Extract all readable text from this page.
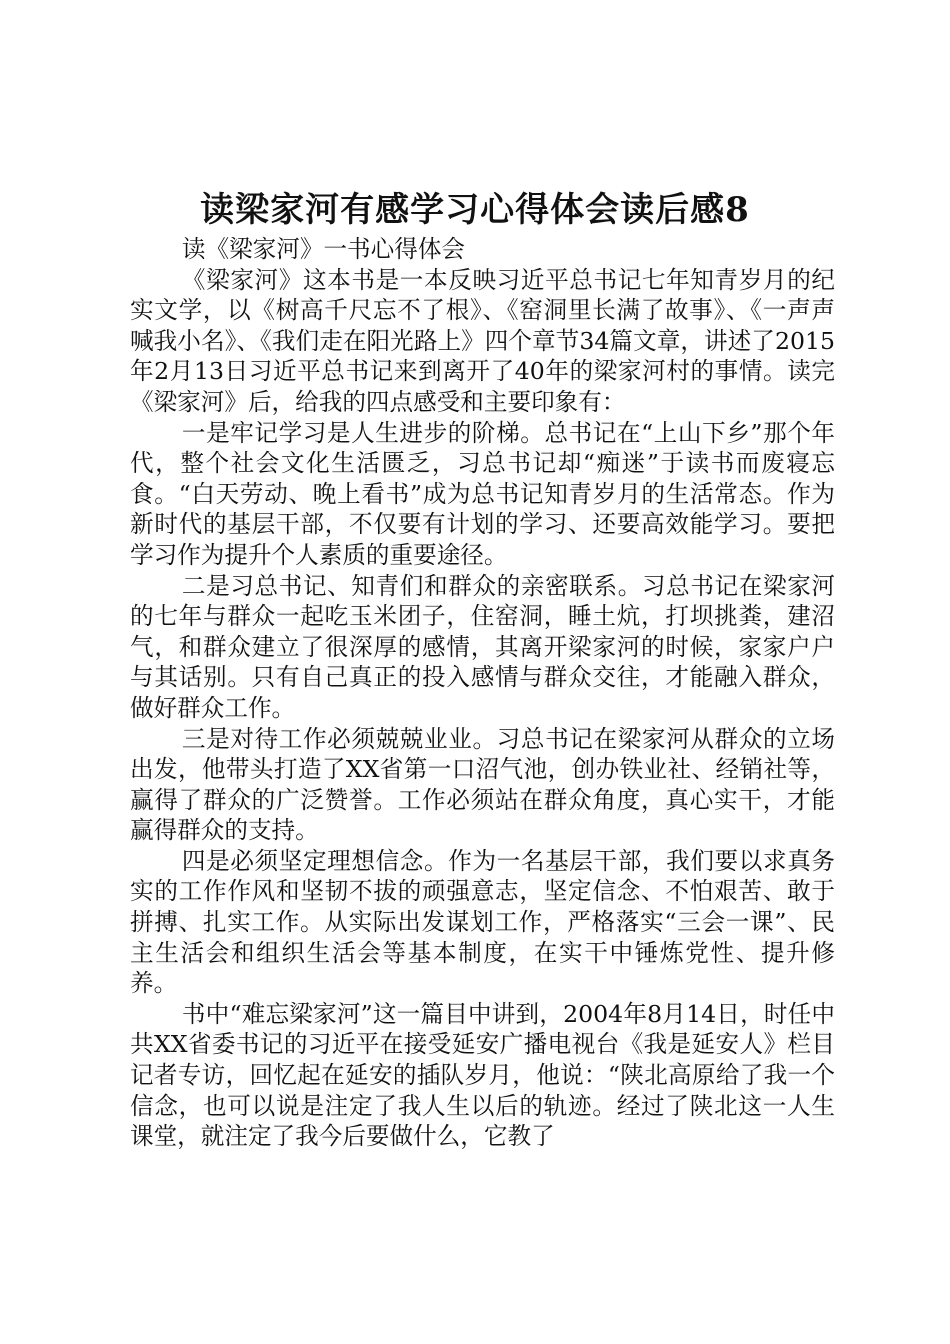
读梁家河有感学习心得体会读后感8

读《梁家河》一书心得体会

《梁家河》这本书是一本反映习近平总书记七年知青岁月的纪实文学，以《树高千尺忘不了根》、《窑洞里长满了故事》、《一声声喊我小名》、《我们走在阳光路上》四个章节34篇文章，讲述了2015年2月13日习近平总书记来到离开了40年的梁家河村的事情。读完《梁家河》后，给我的四点感受和主要印象有：

一是牢记学习是人生进步的阶梯。总书记在“上山下乡”那个年代，整个社会文化生活匮乏，习总书记却“痴迷”于读书而废寝忘食。“白天劳动、晚上看书”成为总书记知青岁月的生活常态。作为新时代的基层干部，不仅要有计划的学习、还要高效能学习。要把学习作为提升个人素质的重要途径。

二是习总书记、知青们和群众的亲密联系。习总书记在梁家河的七年与群众一起吃玉米团子，住窑洞，睡土炕，打坝挑粪，建沼气，和群众建立了很深厚的感情，其离开梁家河的时候，家家户户与其话别。只有自己真正的投入感情与群众交往，才能融入群众，做好群众工作。

三是对待工作必须兢兢业业。习总书记在梁家河从群众的立场出发，他带头打造了XX省第一口沼气池，创办铁业社、经销社等，赢得了群众的广泛赞誉。工作必须站在群众角度，真心实干，才能赢得群众的支持。

四是必须坚定理想信念。作为一名基层干部，我们要以求真务实的工作作风和坚韧不拔的顽强意志，坚定信念、不怕艰苦、敢于拼搏、扎实工作。从实际出发谋划工作，严格落实“三会一课”、民主生活会和组织生活会等基本制度，在实干中锤炼党性、提升修养。

书中“难忘梁家河”这一篇目中讲到，2004年8月14日，时任中共XX省委书记的习近平在接受延安广播电视台《我是延安人》栏目记者专访，回忆起在延安的插队岁月，他说：“陕北高原给了我一个信念，也可以说是注定了我人生以后的轨迹。经过了陕北这一人生课堂，就注定了我今后要做什么，它教了
